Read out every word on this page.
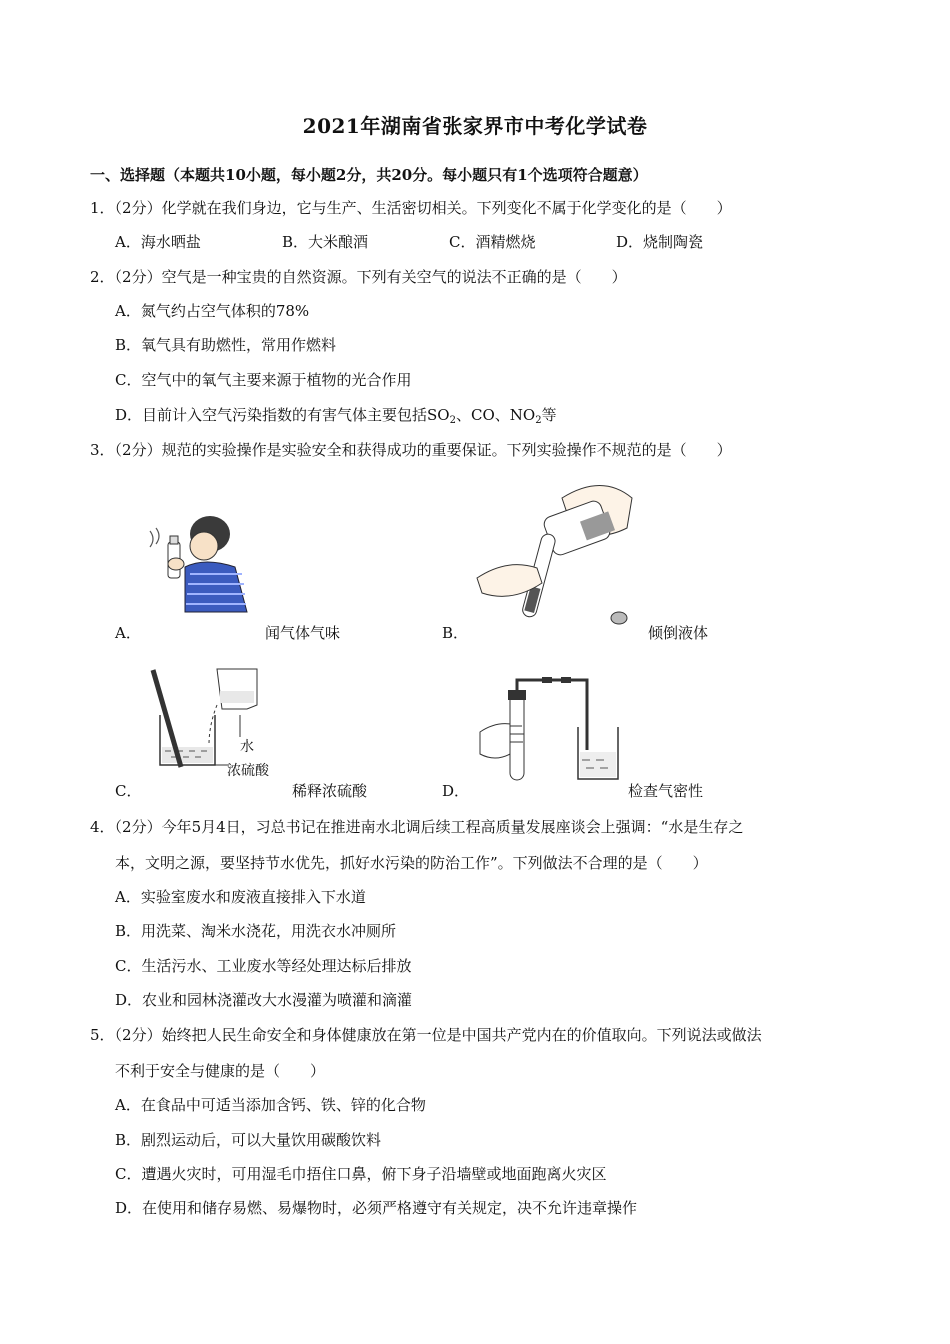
2021年湖南省张家界市中考化学试卷
一、选择题（本题共10小题，每小题2分，共20分。每小题只有1个选项符合题意）
1．（2分）化学就在我们身边，它与生产、生活密切相关。下列变化不属于化学变化的是（　　）
A．海水晒盐	B．大米酿酒	C．酒精燃烧	D．烧制陶瓷
2．（2分）空气是一种宝贵的自然资源。下列有关空气的说法不正确的是（　　）
A．氮气约占空气体积的78%
B．氧气具有助燃性，常用作燃料
C．空气中的氧气主要来源于植物的光合作用
D．目前计入空气污染指数的有害气体主要包括$SO_2$、CO、$NO_2$等
3．（2分）规范的实验操作是实验安全和获得成功的重要保证。下列实验操作不规范的是（　　）
A．	闻气体气味	B．	倾倒液体
水
浓硫酸
C．	稀释浓硫酸	D．	检查气密性
4．（2分）今年5月4日，习总书记在推进南水北调后续工程高质量发展座谈会上强调：“水是生存之
本，文明之源，要坚持节水优先，抓好水污染的防治工作”。下列做法不合理的是（　　）
A．实验室废水和废液直接排入下水道
B．用洗菜、淘米水浇花，用洗衣水冲厕所
C．生活污水、工业废水等经处理达标后排放
D．农业和园林浇灌改大水漫灌为喷灌和滴灌
5．（2分）始终把人民生命安全和身体健康放在第一位是中国共产党内在的价值取向。下列说法或做法
不利于安全与健康的是（　　）
A．在食品中可适当添加含钙、铁、锌的化合物
B．剧烈运动后，可以大量饮用碳酸饮料
C．遭遇火灾时，可用湿毛巾捂住口鼻，俯下身子沿墙壁或地面跑离火灾区
D．在使用和储存易燃、易爆物时，必须严格遵守有关规定，决不允许违章操作
